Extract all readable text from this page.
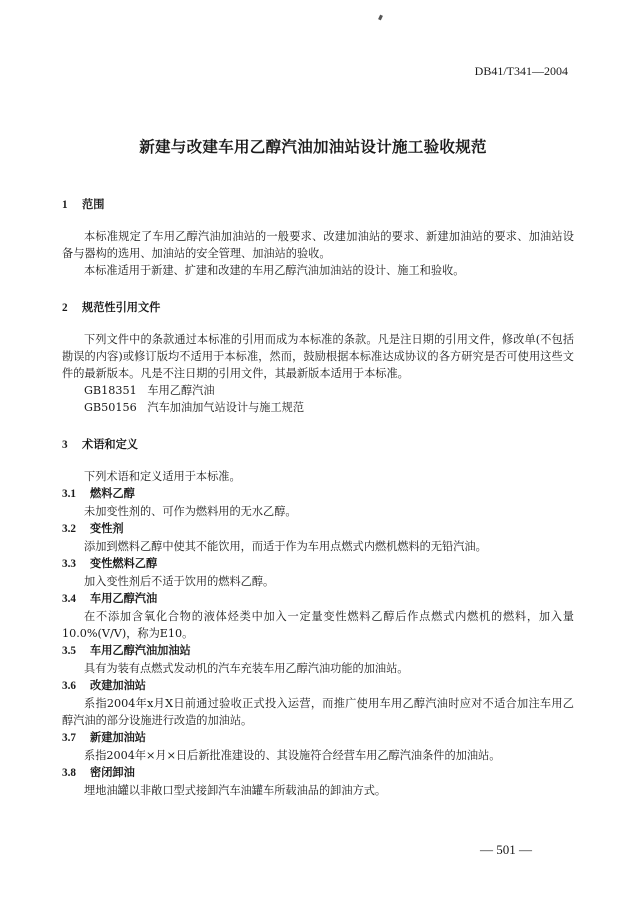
DB41/T341—2004
新建与改建车用乙醇汽油加油站设计施工验收规范
1 范围
本标准规定了车用乙醇汽油加油站的一般要求、改建加油站的要求、新建加油站的要求、加油站设备与器构的选用、加油站的安全管理、加油站的验收。
本标准适用于新建、扩建和改建的车用乙醇汽油加油站的设计、施工和验收。
2 规范性引用文件
下列文件中的条款通过本标准的引用而成为本标准的条款。凡是注日期的引用文件，修改单(不包括勘误的内容)或修订版均不适用于本标准，然而，鼓励根据本标准达成协议的各方研究是否可使用这些文件的最新版本。凡是不注日期的引用文件，其最新版本适用于本标准。
GB18351 车用乙醇汽油
GB50156 汽车加油加气站设计与施工规范
3 术语和定义
下列术语和定义适用于本标准。
3.1 燃料乙醇
未加变性剂的、可作为燃料用的无水乙醇。
3.2 变性剂
添加到燃料乙醇中使其不能饮用，而适于作为车用点燃式内燃机燃料的无铅汽油。
3.3 变性燃料乙醇
加入变性剂后不适于饮用的燃料乙醇。
3.4 车用乙醇汽油
在不添加含氧化合物的液体烃类中加入一定量变性燃料乙醇后作点燃式内燃机的燃料，加入量10.0%(V/V)，称为E10。
3.5 车用乙醇汽油加油站
具有为装有点燃式发动机的汽车充装车用乙醇汽油功能的加油站。
3.6 改建加油站
系指2004年x月X日前通过验收正式投入运营，而推广使用车用乙醇汽油时应对不适合加注车用乙醇汽油的部分设施进行改造的加油站。
3.7 新建加油站
系指2004年×月×日后新批准建设的、其设施符合经营车用乙醇汽油条件的加油站。
3.8 密闭卸油
埋地油罐以非敞口型式接卸汽车油罐车所载油品的卸油方式。
— 501 —
